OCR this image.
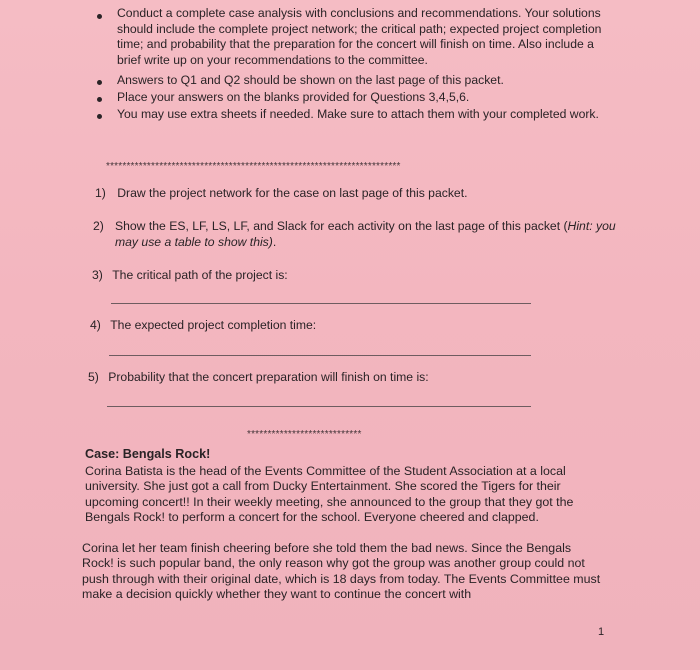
Conduct a complete case analysis with conclusions and recommendations. Your solutions should include the complete project network; the critical path; expected project completion time; and probability that the preparation for the concert will finish on time. Also include a brief write up on your recommendations to the committee.
Answers to Q1 and Q2 should be shown on the last page of this packet.
Place your answers on the blanks provided for Questions 3,4,5,6.
You may use extra sheets if needed. Make sure to attach them with your completed work.
************************************************************************
1) Draw the project network for the case on last page of this packet.
2) Show the ES, LF, LS, LF, and Slack for each activity on the last page of this packet (Hint: you may use a table to show this).
3) The critical path of the project is:
4) The expected project completion time:
5) Probability that the concert preparation will finish on time is:
****************************
Case: Bengals Rock!
Corina Batista is the head of the Events Committee of the Student Association at a local university. She just got a call from Ducky Entertainment. She scored the Tigers for their upcoming concert!! In their weekly meeting, she announced to the group that they got the Bengals Rock! to perform a concert for the school. Everyone cheered and clapped.
Corina let her team finish cheering before she told them the bad news. Since the Bengals Rock! is such popular band, the only reason why got the group was another group could not push through with their original date, which is 18 days from today. The Events Committee must make a decision quickly whether they want to continue the concert with
1
